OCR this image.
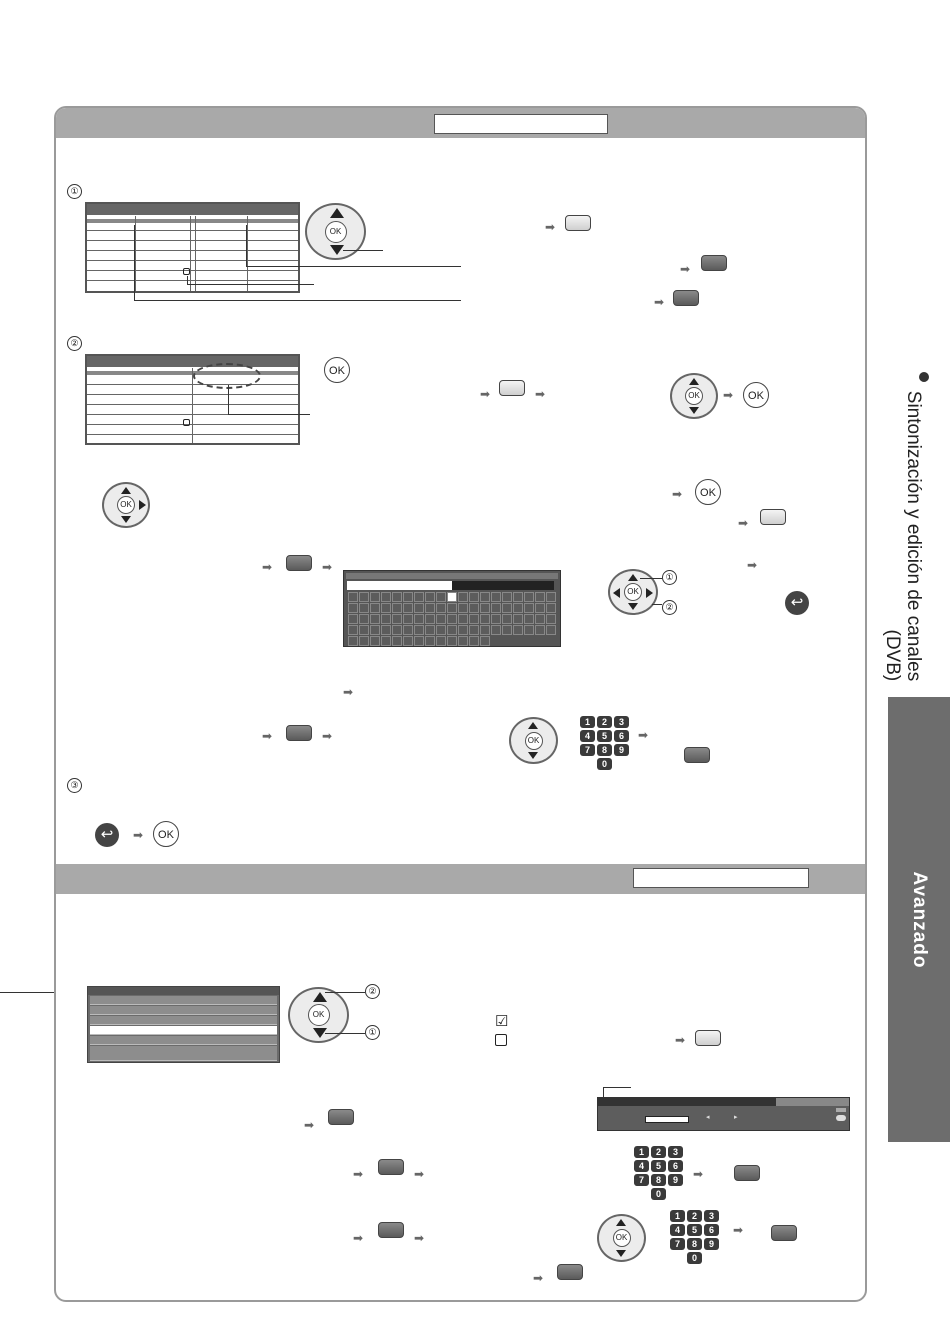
Sintonización y edición de canales
(DVB)
Avanzado
①
②
③
OK	➡
➡
➡
OK
➡	➡	OK ➡	OK
OK
➡	OK
➡
➡	➡
OK
①
②
➡
↩
➡
➡	➡	OK
1	2	3
4	5	6
7	8	9
0
➡
↩	➡	OK
OK
②
①
☑
➡
➡
◂	▸
1	2	3
4	5	6
7	8	9
0
➡
➡	➡
➡	➡	OK
1	2	3
4	5	6
7	8	9
0
➡
➡
